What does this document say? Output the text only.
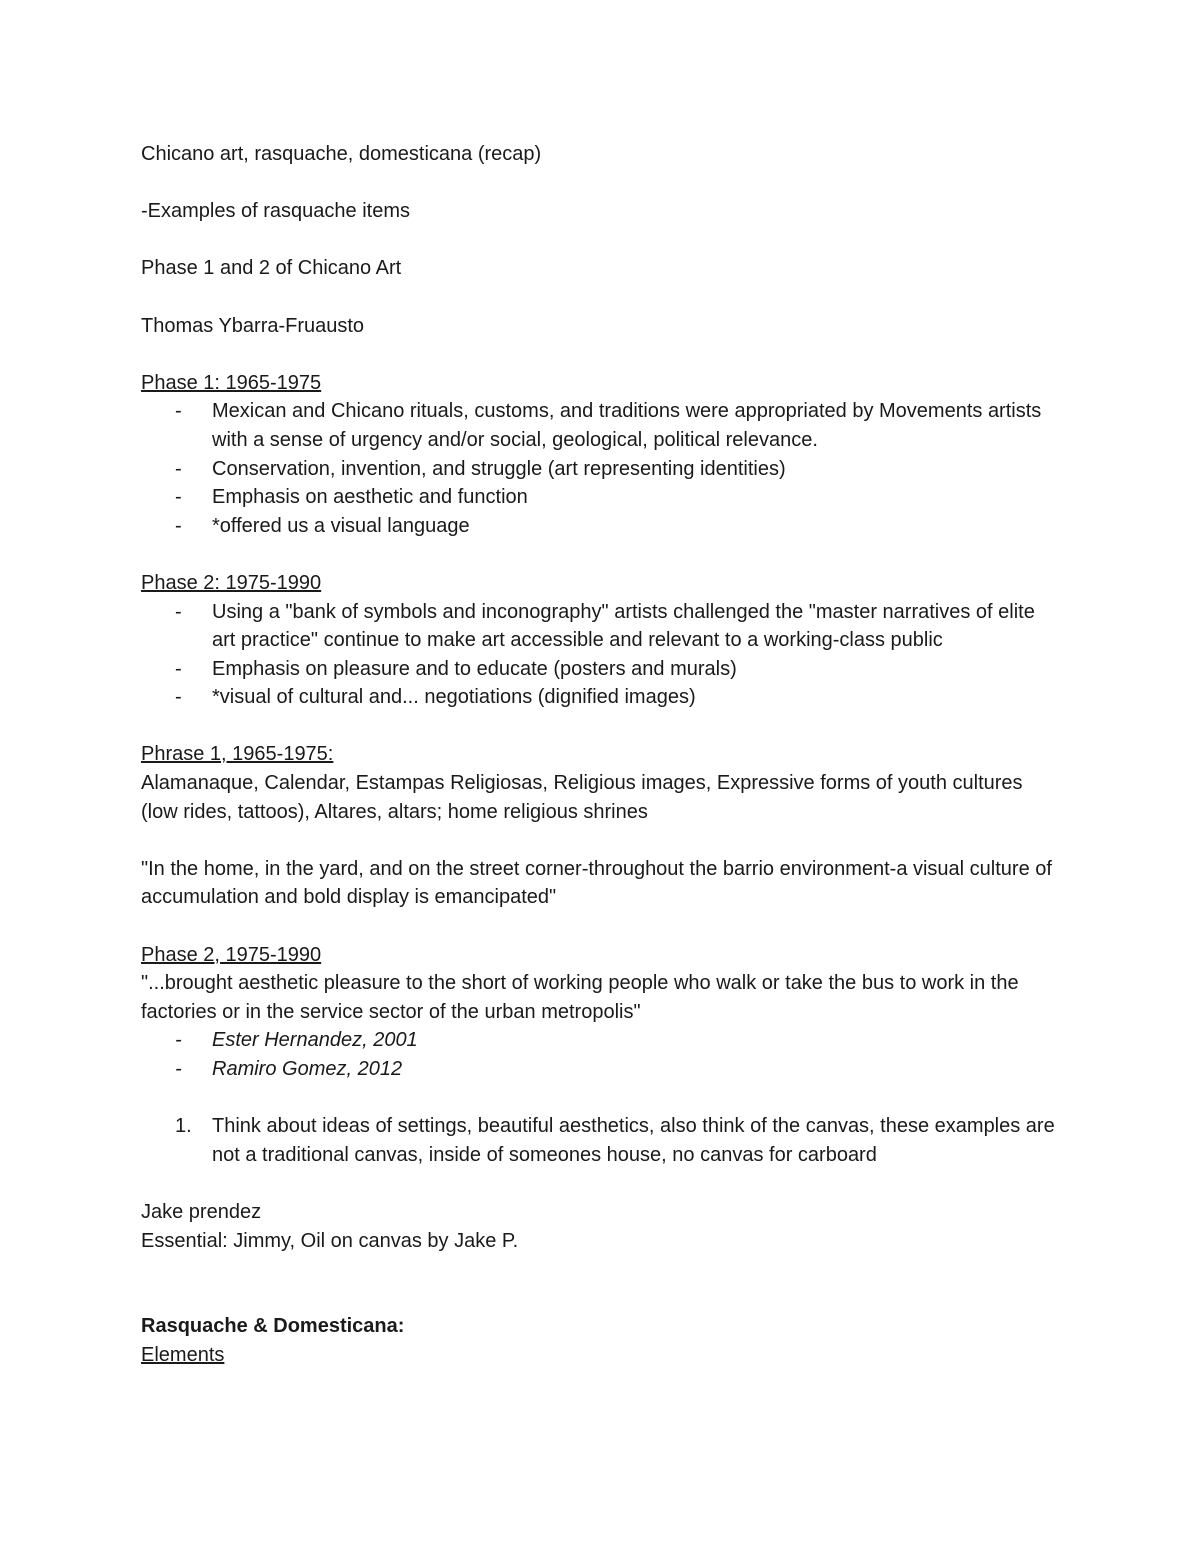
Chicano art, rasquache, domesticana (recap)

-Examples of rasquache items

Phase 1 and 2 of Chicano Art

Thomas Ybarra-Fruausto

Phase 1: 1965-1975

- Mexican and Chicano rituals, customs, and traditions were appropriated by Movements artists with a sense of urgency and/or social, geological, political relevance.
- Conservation, invention, and struggle (art representing identities)
- Emphasis on aesthetic and function
- *offered us a visual language

Phase 2: 1975-1990

- Using a "bank of symbols and inconography" artists challenged the "master narratives of elite art practice" continue to make art accessible and relevant to a working-class public
- Emphasis on pleasure and to educate (posters and murals)
- *visual of cultural and... negotiations (dignified images)

Phrase 1, 1965-1975:

Alamanaque, Calendar, Estampas Religiosas, Religious images, Expressive forms of youth cultures (low rides, tattoos), Altares, altars; home religious shrines

"In the home, in the yard, and on the street corner-throughout the barrio environment-a visual culture of accumulation and bold display is emancipated"

Phase 2, 1975-1990

"...brought aesthetic pleasure to the short of working people who walk or take the bus to work in the factories or in the service sector of the urban metropolis"

- Ester Hernandez, 2001
- Ramiro Gomez, 2012
1. Think about ideas of settings, beautiful aesthetics, also think of the canvas, these examples are not a traditional canvas, inside of someones house, no canvas for carboard

Jake prendez

Essential: Jimmy, Oil on canvas by Jake P.

Rasquache & Domesticana:

Elements
